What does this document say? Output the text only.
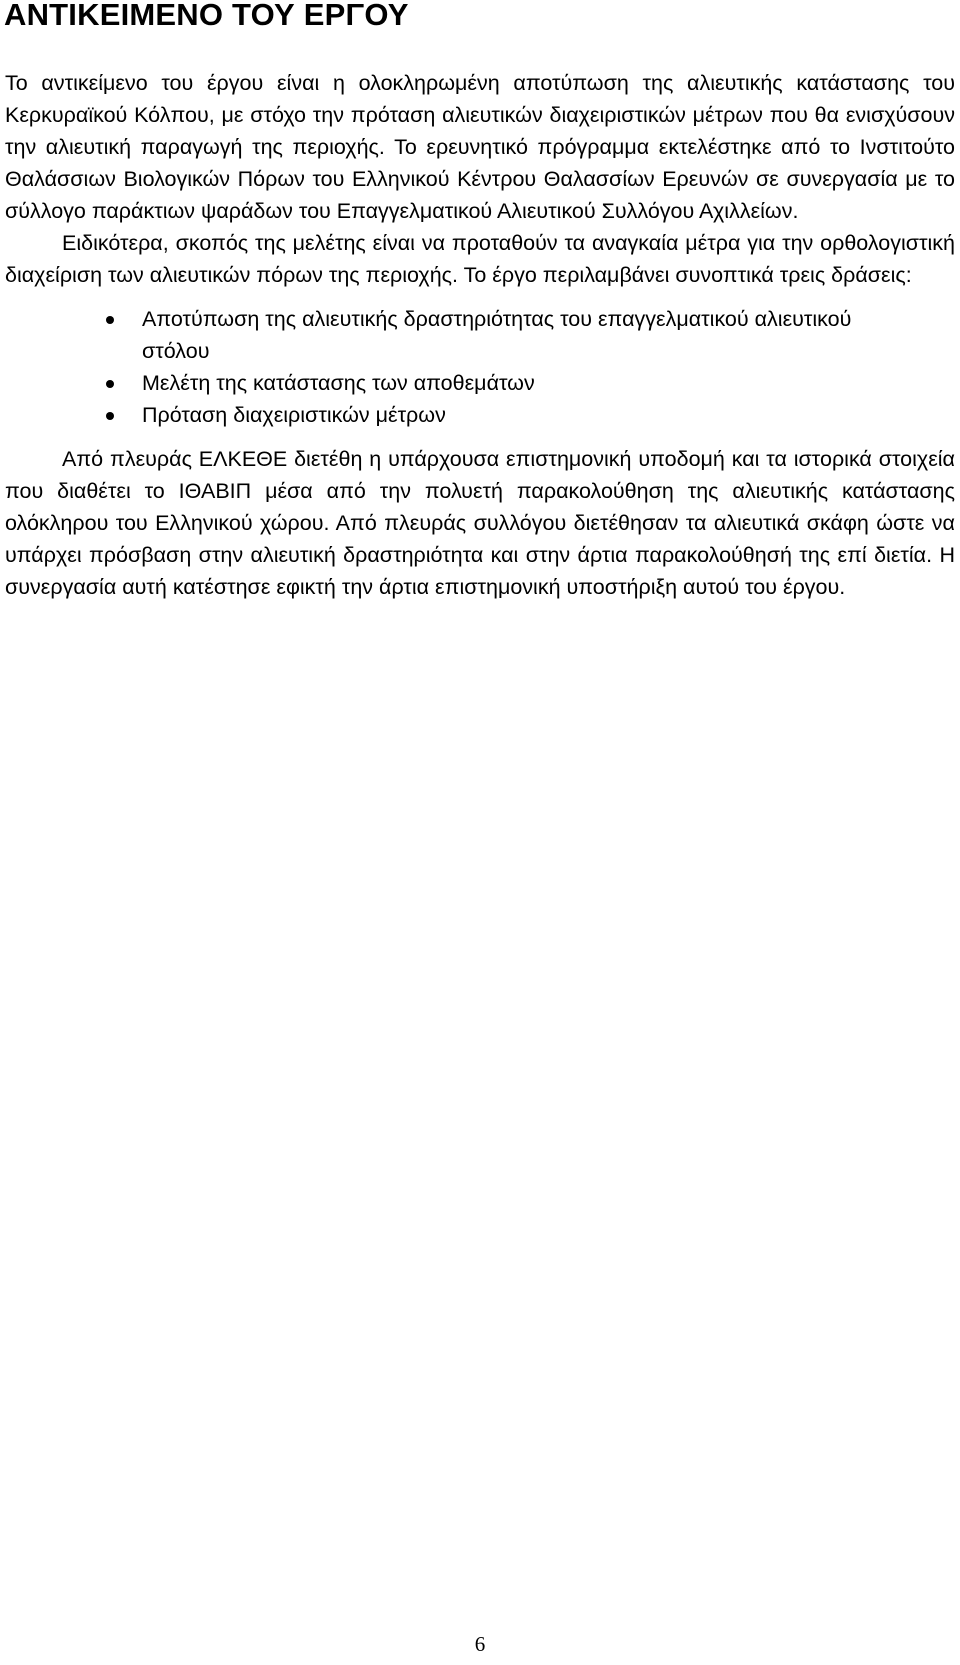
ΑΝΤΙΚΕΙΜΕΝΟ ΤΟΥ ΕΡΓΟΥ

Το αντικείμενο του έργου είναι η ολοκληρωμένη αποτύπωση της αλιευτικής κατάστασης του Κερκυραϊκού Κόλπου, με στόχο την πρόταση αλιευτικών διαχειριστικών μέτρων που θα ενισχύσουν την αλιευτική παραγωγή της περιοχής. Το ερευνητικό πρόγραμμα εκτελέστηκε από το Ινστιτούτο Θαλάσσιων Βιολογικών Πόρων του Ελληνικού Κέντρου Θαλασσίων Ερευνών σε συνεργασία με το σύλλογο παράκτιων ψαράδων του Επαγγελματικού Αλιευτικού Συλλόγου Αχιλλείων.

Ειδικότερα, σκοπός της μελέτης είναι να προταθούν τα αναγκαία μέτρα για την ορθολογιστική διαχείριση των αλιευτικών πόρων της περιοχής. Το έργο περιλαμβάνει συνοπτικά τρεις δράσεις:

Αποτύπωση της αλιευτικής δραστηριότητας του επαγγελματικού αλιευτικού στόλου
Μελέτη της κατάστασης των αποθεμάτων
Πρόταση διαχειριστικών μέτρων

Από πλευράς ΕΛΚΕΘΕ διετέθη η υπάρχουσα επιστημονική υποδομή και τα ιστορικά στοιχεία που διαθέτει το ΙΘΑΒΙΠ μέσα από την πολυετή παρακολούθηση της αλιευτικής κατάστασης ολόκληρου του Ελληνικού χώρου. Από πλευράς συλλόγου διετέθησαν τα αλιευτικά σκάφη ώστε να υπάρχει πρόσβαση στην αλιευτική δραστηριότητα και στην άρτια παρακολούθησή της επί διετία. Η συνεργασία αυτή κατέστησε εφικτή την άρτια επιστημονική υποστήριξη αυτού του έργου.

6
